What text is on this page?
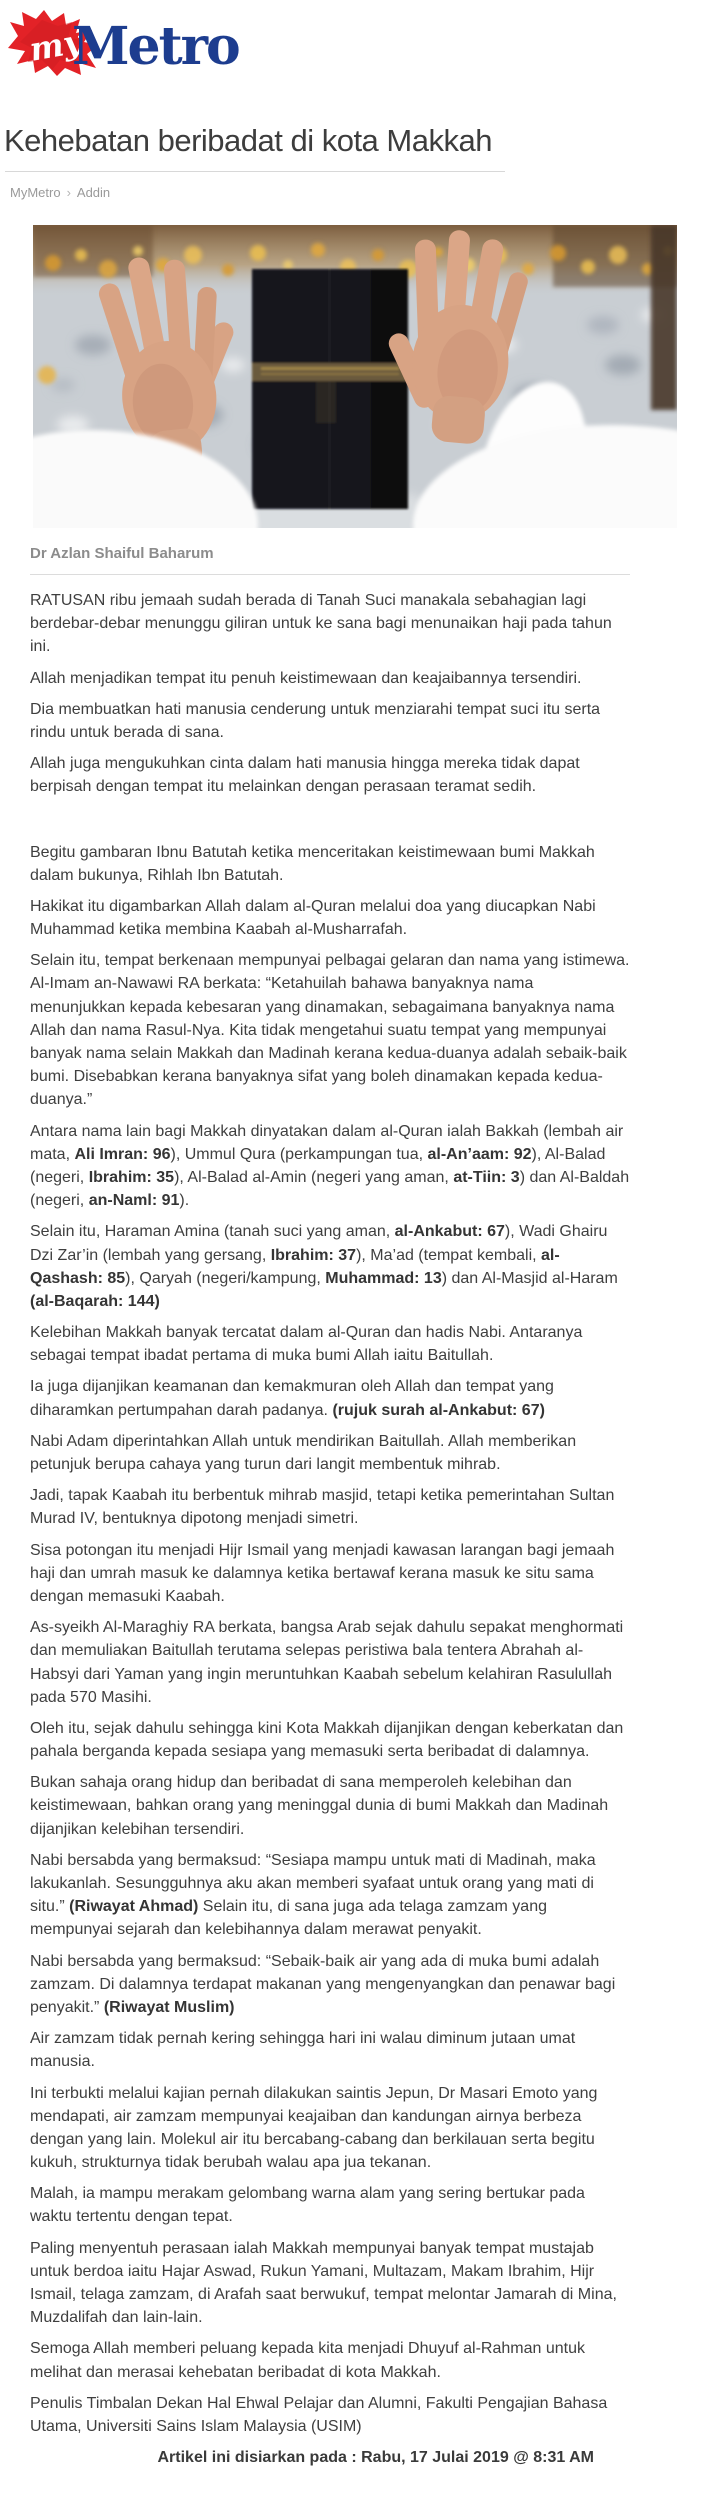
my
Metro
Kehebatan beribadat di kota Makkah
MyMetro › Addin
Dr Azlan Shaiful Baharum

RATUSAN ribu jemaah sudah berada di Tanah Suci manakala sebahagian lagi berdebar-debar menunggu giliran untuk ke sana bagi menunaikan haji pada tahun ini.

Allah menjadikan tempat itu penuh keistimewaan dan keajaibannya tersendiri.

Dia membuatkan hati manusia cenderung untuk menziarahi tempat suci itu serta rindu untuk berada di sana.

Allah juga mengukuhkan cinta dalam hati manusia hingga mereka tidak dapat berpisah dengan tempat itu melainkan dengan perasaan teramat sedih.

Begitu gambaran Ibnu Batutah ketika menceritakan keistimewaan bumi Makkah dalam bukunya, Rihlah Ibn Batutah.

Hakikat itu digambarkan Allah dalam al-Quran melalui doa yang diucapkan Nabi Muhammad ketika membina Kaabah al-Musharrafah.

Selain itu, tempat berkenaan mempunyai pelbagai gelaran dan nama yang istimewa. Al-Imam an-Nawawi RA berkata: “Ketahuilah bahawa banyaknya nama menunjukkan kepada kebesaran yang dinamakan, sebagaimana banyaknya nama Allah dan nama Rasul-Nya. Kita tidak mengetahui suatu tempat yang mempunyai banyak nama selain Makkah dan Madinah kerana kedua-duanya adalah sebaik-baik bumi. Disebabkan kerana banyaknya sifat yang boleh dinamakan kepada kedua-duanya.”

Antara nama lain bagi Makkah dinyatakan dalam al-Quran ialah Bakkah (lembah air mata, Ali Imran: 96), Ummul Qura (perkampungan tua, al-An’aam: 92), Al-Balad (negeri, Ibrahim: 35), Al-Balad al-Amin (negeri yang aman, at-Tiin: 3) dan Al-Baldah (negeri, an-Naml: 91).

Selain itu, Haraman Amina (tanah suci yang aman, al-Ankabut: 67), Wadi Ghairu Dzi Zar’in (lembah yang gersang, Ibrahim: 37), Ma’ad (tempat kembali, al-Qashash: 85), Qaryah (negeri/kampung, Muhammad: 13) dan Al-Masjid al-Haram (al-Baqarah: 144)

Kelebihan Makkah banyak tercatat dalam al-Quran dan hadis Nabi. Antaranya sebagai tempat ibadat pertama di muka bumi Allah iaitu Baitullah.

Ia juga dijanjikan keamanan dan kemakmuran oleh Allah dan tempat yang diharamkan pertumpahan darah padanya. (rujuk surah al-Ankabut: 67)

Nabi Adam diperintahkan Allah untuk mendirikan Baitullah. Allah memberikan petunjuk berupa cahaya yang turun dari langit membentuk mihrab.

Jadi, tapak Kaabah itu berbentuk mihrab masjid, tetapi ketika pemerintahan Sultan Murad IV, bentuknya dipotong menjadi simetri.

Sisa potongan itu menjadi Hijr Ismail yang menjadi kawasan larangan bagi jemaah haji dan umrah masuk ke dalamnya ketika bertawaf kerana masuk ke situ sama dengan memasuki Kaabah.

As-syeikh Al-Maraghiy RA berkata, bangsa Arab sejak dahulu sepakat menghormati dan memuliakan Baitullah terutama selepas peristiwa bala tentera Abrahah al-Habsyi dari Yaman yang ingin meruntuhkan Kaabah sebelum kelahiran Rasulullah pada 570 Masihi.

Oleh itu, sejak dahulu sehingga kini Kota Makkah dijanjikan dengan keberkatan dan pahala berganda kepada sesiapa yang memasuki serta beribadat di dalamnya.

Bukan sahaja orang hidup dan beribadat di sana memperoleh kelebihan dan keistimewaan, bahkan orang yang meninggal dunia di bumi Makkah dan Madinah dijanjikan kelebihan tersendiri.

Nabi bersabda yang bermaksud: “Sesiapa mampu untuk mati di Madinah, maka lakukanlah. Sesungguhnya aku akan memberi syafaat untuk orang yang mati di situ.” (Riwayat Ahmad) Selain itu, di sana juga ada telaga zamzam yang mempunyai sejarah dan kelebihannya dalam merawat penyakit.

Nabi bersabda yang bermaksud: “Sebaik-baik air yang ada di muka bumi adalah zamzam. Di dalamnya terdapat makanan yang mengenyangkan dan penawar bagi penyakit.” (Riwayat Muslim)

Air zamzam tidak pernah kering sehingga hari ini walau diminum jutaan umat manusia.

Ini terbukti melalui kajian pernah dilakukan saintis Jepun, Dr Masari Emoto yang mendapati, air zamzam mempunyai keajaiban dan kandungan airnya berbeza dengan yang lain. Molekul air itu bercabang-cabang dan berkilauan serta begitu kukuh, strukturnya tidak berubah walau apa jua tekanan.

Malah, ia mampu merakam gelombang warna alam yang sering bertukar pada waktu tertentu dengan tepat.

Paling menyentuh perasaan ialah Makkah mempunyai banyak tempat mustajab untuk berdoa iaitu Hajar Aswad, Rukun Yamani, Multazam, Makam Ibrahim, Hijr Ismail, telaga zamzam, di Arafah saat berwukuf, tempat melontar Jamarah di Mina, Muzdalifah dan lain-lain.

Semoga Allah memberi peluang kepada kita menjadi Dhuyuf al-Rahman untuk melihat dan merasai kehebatan beribadat di kota Makkah.

Penulis Timbalan Dekan Hal Ehwal Pelajar dan Alumni, Fakulti Pengajian Bahasa Utama, Universiti Sains Islam Malaysia (USIM)

Artikel ini disiarkan pada : Rabu, 17 Julai 2019 @ 8:31 AM
